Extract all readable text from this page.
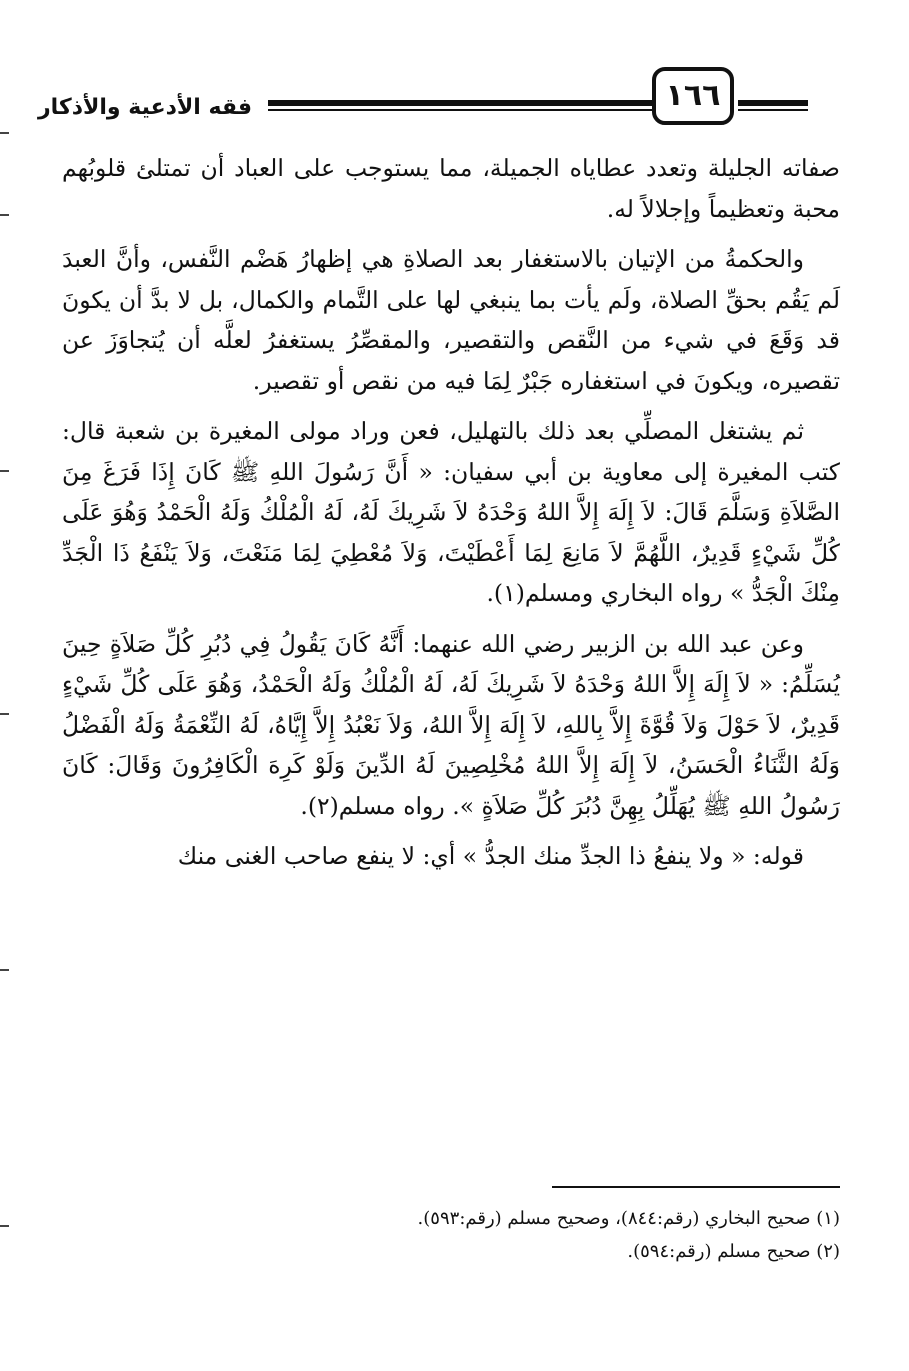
فقه الأدعية والأذكار	١٦٦

صفاته الجليلة وتعدد عطاياه الجميلة، مما يستوجب على العباد أن تمتلئ قلوبُهم محبة وتعظيماً وإجلالاً له.

والحكمةُ من الإتيان بالاستغفار بعد الصلاةِ هي إظهارُ هَضْم النَّفس، وأنَّ العبدَ لَم يَقُم بحقِّ الصلاة، ولَم يأت بما ينبغي لها على التَّمام والكمال، بل لا بدَّ أن يكونَ قد وَقَعَ في شيء من النَّقص والتقصير، والمقصِّرُ يستغفرُ لعلَّه أن يُتجاوَزَ عن تقصيره، ويكونَ في استغفاره جَبْرٌ لِمَا فيه من نقص أو تقصير.

ثم يشتغل المصلِّي بعد ذلك بالتهليل، فعن وراد مولى المغيرة بن شعبة قال: كتب المغيرة إلى معاوية بن أبي سفيان: « أَنَّ رَسُولَ اللهِ ﷺ كَانَ إِذَا فَرَغَ مِنَ الصَّلاَةِ وَسَلَّمَ قَالَ: لاَ إِلَهَ إِلاَّ اللهُ وَحْدَهُ لاَ شَرِيكَ لَهُ، لَهُ الْمُلْكُ وَلَهُ الْحَمْدُ وَهُوَ عَلَى كُلِّ شَيْءٍ قَدِيرٌ، اللَّهُمَّ لاَ مَانِعَ لِمَا أَعْطَيْتَ، وَلاَ مُعْطِيَ لِمَا مَنَعْتَ، وَلاَ يَنْفَعُ ذَا الْجَدِّ مِنْكَ الْجَدُّ » رواه البخاري ومسلم(١).

وعن عبد الله بن الزبير رضي الله عنهما: أَنَّهُ كَانَ يَقُولُ فِي دُبُرِ كُلِّ صَلاَةٍ حِينَ يُسَلِّمُ: « لاَ إِلَهَ إِلاَّ اللهُ وَحْدَهُ لاَ شَرِيكَ لَهُ، لَهُ الْمُلْكُ وَلَهُ الْحَمْدُ، وَهُوَ عَلَى كُلِّ شَيْءٍ قَدِيرٌ، لاَ حَوْلَ وَلاَ قُوَّةَ إِلاَّ بِاللهِ، لاَ إِلَهَ إِلاَّ اللهُ، وَلاَ نَعْبُدُ إِلاَّ إِيَّاهُ، لَهُ النِّعْمَةُ وَلَهُ الْفَضْلُ وَلَهُ الثَّنَاءُ الْحَسَنُ، لاَ إِلَهَ إِلاَّ اللهُ مُخْلِصِينَ لَهُ الدِّينَ وَلَوْ كَرِهَ الْكَافِرُونَ وَقَالَ: كَانَ رَسُولُ اللهِ ﷺ يُهَلِّلُ بِهِنَّ دُبُرَ كُلِّ صَلاَةٍ ». رواه مسلم(٢).

قوله: « ولا ينفعُ ذا الجدِّ منك الجدُّ » أي: لا ينفع صاحب الغنى منك

(١) صحيح البخاري (رقم:٨٤٤)، وصحيح مسلم (رقم:٥٩٣).
(٢) صحيح مسلم (رقم:٥٩٤).
